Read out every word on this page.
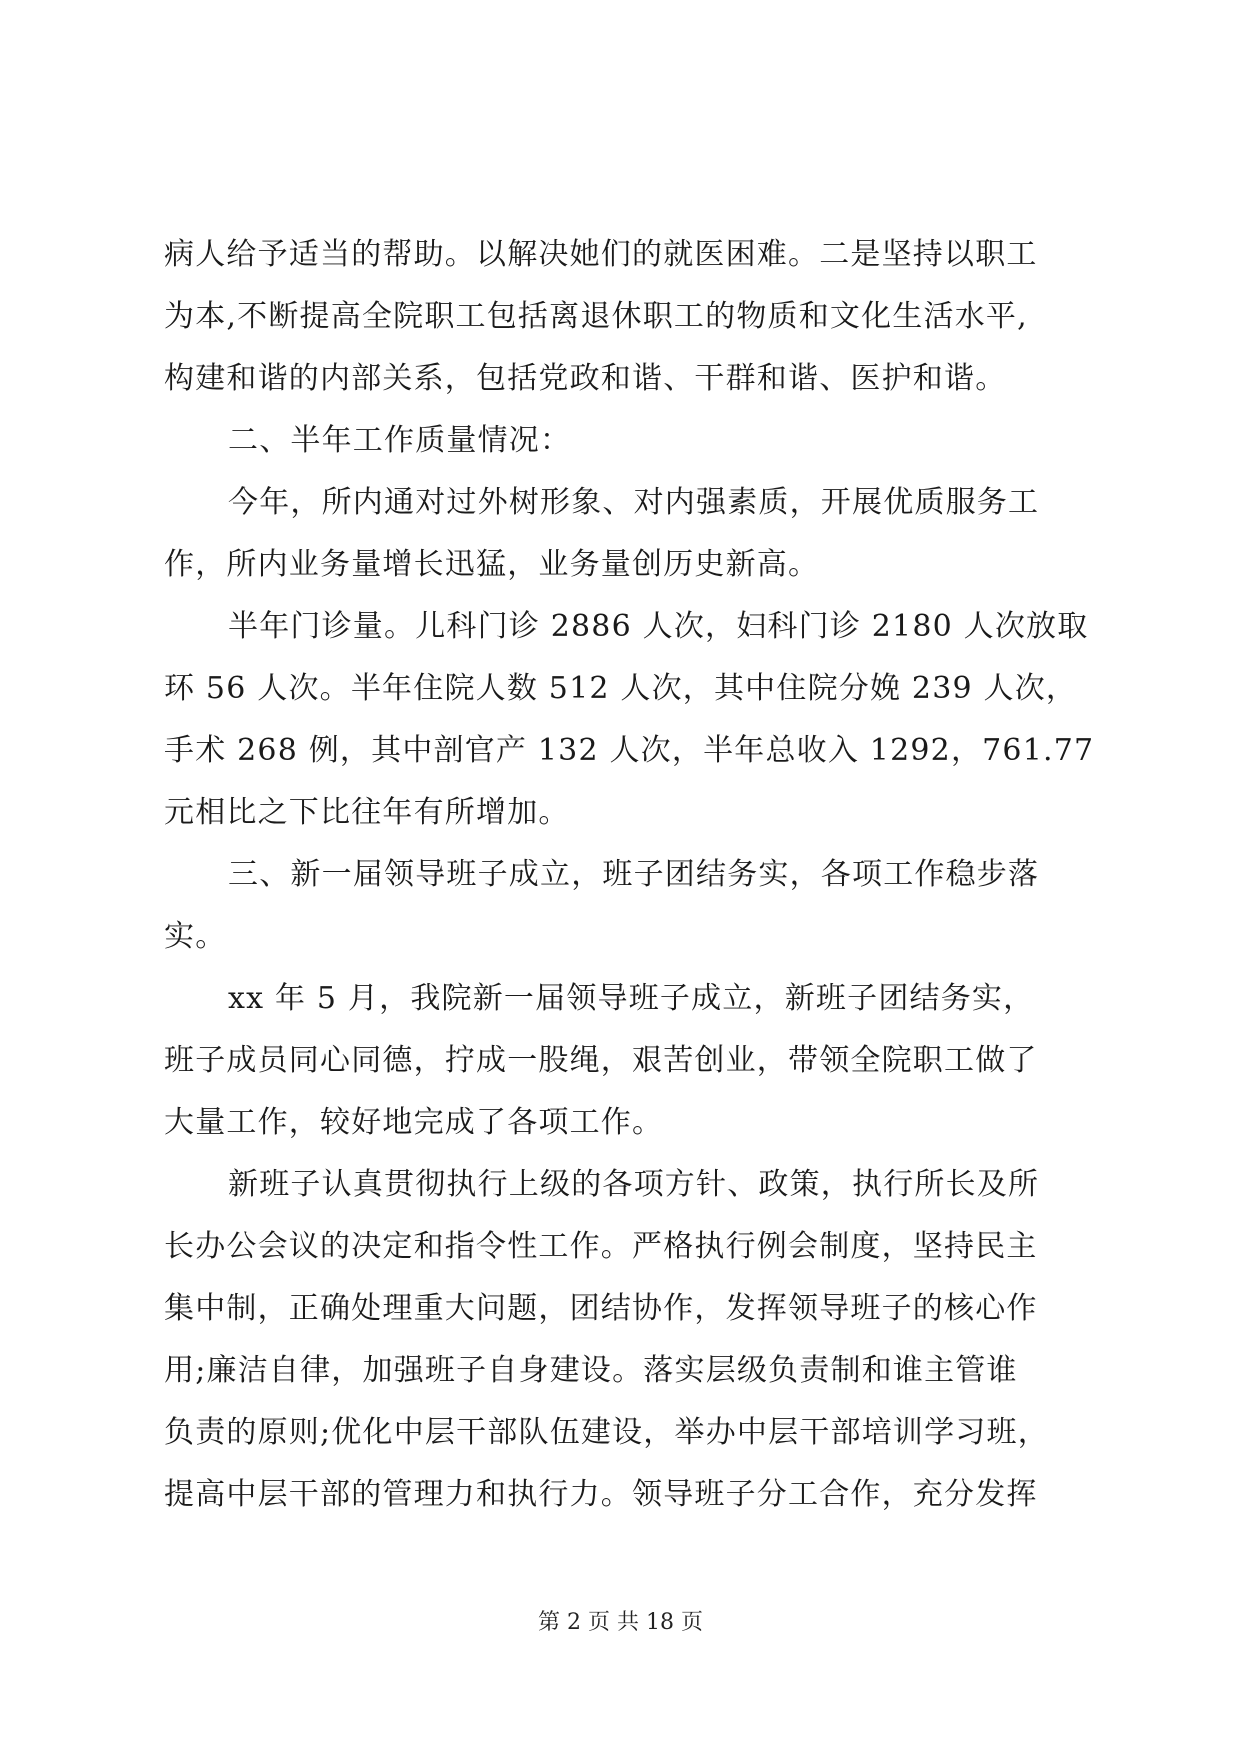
病人给予适当的帮助。以解决她们的就医困难。二是坚持以职工
为本,不断提高全院职工包括离退休职工的物质和文化生活水平,
构建和谐的内部关系，包括党政和谐、干群和谐、医护和谐。
二、半年工作质量情况：
今年，所内通对过外树形象、对内强素质，开展优质服务工
作，所内业务量增长迅猛，业务量创历史新高。
半年门诊量。儿科门诊 2886 人次，妇科门诊 2180 人次放取
环 56 人次。半年住院人数 512 人次，其中住院分娩 239 人次，
手术 268 例，其中剖官产 132 人次，半年总收入 1292，761.77
元相比之下比往年有所增加。
三、新一届领导班子成立，班子团结务实，各项工作稳步落
实。
xx 年 5 月，我院新一届领导班子成立，新班子团结务实，
班子成员同心同德，拧成一股绳，艰苦创业，带领全院职工做了
大量工作，较好地完成了各项工作。
新班子认真贯彻执行上级的各项方针、政策，执行所长及所
长办公会议的决定和指令性工作。严格执行例会制度，坚持民主
集中制，正确处理重大问题，团结协作，发挥领导班子的核心作
用;廉洁自律，加强班子自身建设。落实层级负责制和谁主管谁
负责的原则;优化中层干部队伍建设，举办中层干部培训学习班，
提高中层干部的管理力和执行力。领导班子分工合作，充分发挥
第 2 页 共 18 页
